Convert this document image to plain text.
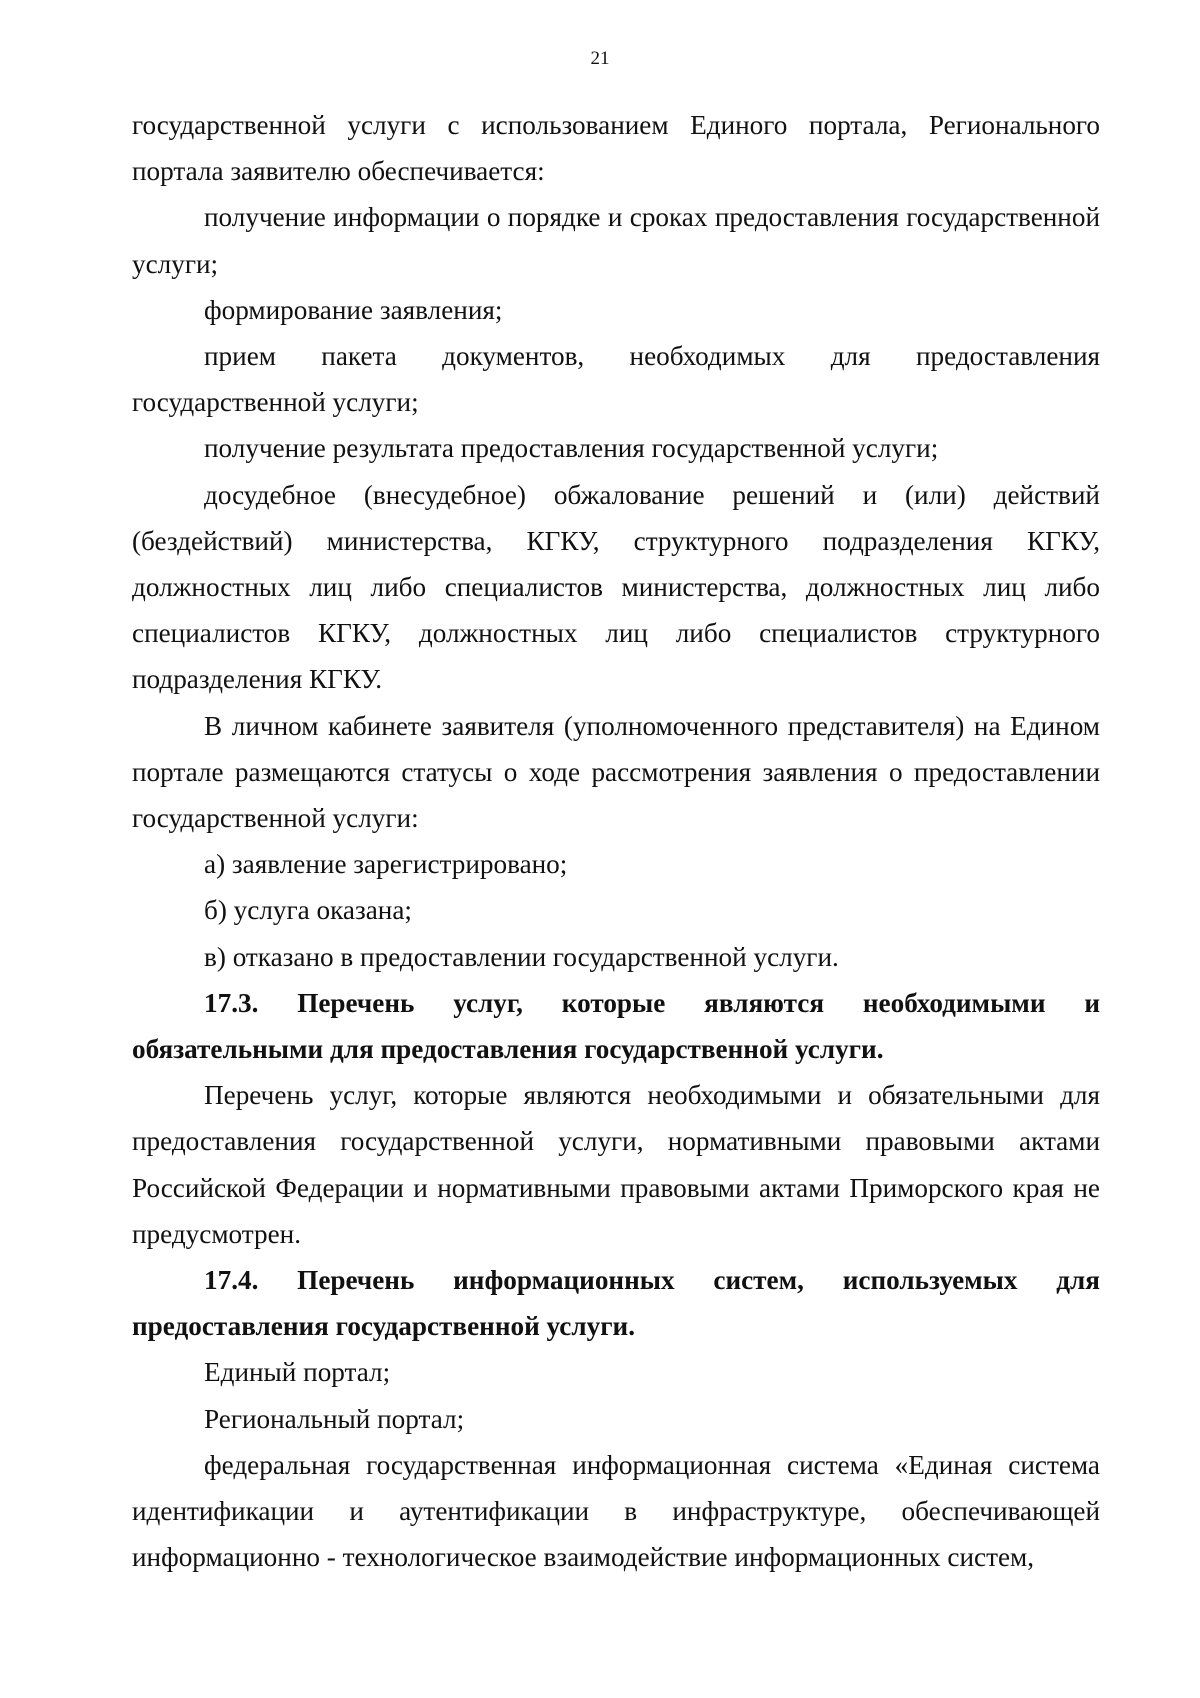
21

государственной услуги с использованием Единого портала, Регионального портала заявителю обеспечивается:

получение информации о порядке и сроках предоставления государственной услуги;

формирование заявления;

прием пакета документов, необходимых для предоставления государственной услуги;

получение результата предоставления государственной услуги;

досудебное (внесудебное) обжалование решений и (или) действий (бездействий) министерства, КГКУ, структурного подразделения КГКУ, должностных лиц либо специалистов министерства, должностных лиц либо специалистов КГКУ, должностных лиц либо специалистов структурного подразделения КГКУ.

В личном кабинете заявителя (уполномоченного представителя) на Едином портале размещаются статусы о ходе рассмотрения заявления о предоставлении государственной услуги:

а) заявление зарегистрировано;

б) услуга оказана;

в) отказано в предоставлении государственной услуги.

17.3. Перечень услуг, которые являются необходимыми и обязательными для предоставления государственной услуги.

Перечень услуг, которые являются необходимыми и обязательными для предоставления государственной услуги, нормативными правовыми актами Российской Федерации и нормативными правовыми актами Приморского края не предусмотрен.

17.4. Перечень информационных систем, используемых для предоставления государственной услуги.

Единый портал;

Региональный портал;

федеральная государственная информационная система «Единая система идентификации и аутентификации в инфраструктуре, обеспечивающей информационно - технологическое взаимодействие информационных систем,
